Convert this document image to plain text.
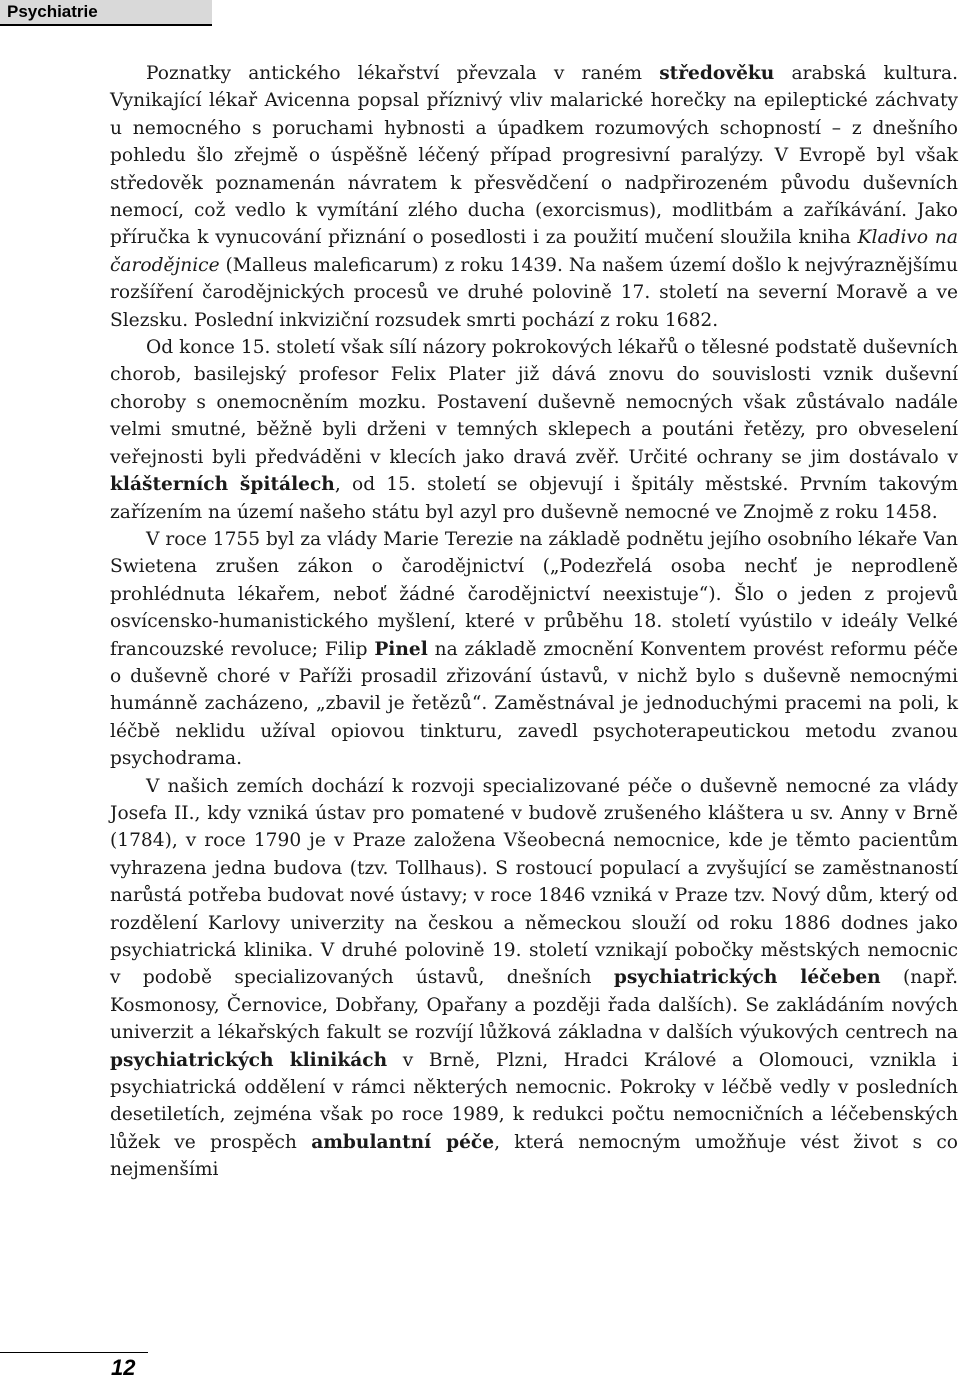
Psychiatrie

Poznatky antického lékařství převzala v raném středověku arabská kultura. Vynikající lékař Avicenna popsal příznivý vliv malarické horečky na epileptické záchvaty u nemocného s poruchami hybnosti a úpadkem rozumových schopností – z dnešního pohledu šlo zřejmě o úspěšně léčený případ progresivní paralýzy. V Evropě byl však středověk poznamenán návratem k přesvědčení o nadpřirozeném původu duševních nemocí, což vedlo k vymítání zlého ducha (exorcismus), modlitbám a zaříkávání. Jako příručka k vynucování přiznání o posedlosti i za použití mučení sloužila kniha Kladivo na čarodějnice (Malleus maleficarum) z roku 1439. Na našem území došlo k nejvýraznějšímu rozšíření čarodějnických procesů ve druhé polovině 17. století na severní Moravě a ve Slezsku. Poslední inkviziční rozsudek smrti pochází z roku 1682.

Od konce 15. století však sílí názory pokrokových lékařů o tělesné podstatě duševních chorob, basilejský profesor Felix Plater již dává znovu do souvislosti vznik duševní choroby s onemocněním mozku. Postavení duševně nemocných však zůstávalo nadále velmi smutné, běžně byli drženi v temných sklepech a poutáni řetězy, pro obveselení veřejnosti byli předváděni v klecích jako dravá zvěř. Určité ochrany se jim dostávalo v klášterních špitálech, od 15. století se objevují i špitály městské. Prvním takovým zařízením na území našeho státu byl azyl pro duševně nemocné ve Znojmě z roku 1458.

V roce 1755 byl za vlády Marie Terezie na základě podnětu jejího osobního lékaře Van Swietena zrušen zákon o čarodějnictví („Podezřelá osoba nechť je neprodleně prohlédnuta lékařem, neboť žádné čarodějnictví neexistuje“). Šlo o jeden z projevů osvícensko-humanistického myšlení, které v průběhu 18. století vyústilo v ideály Velké francouzské revoluce; Filip Pinel na základě zmocnění Konventem provést reformu péče o duševně choré v Paříži prosadil zřizování ústavů, v nichž bylo s duševně nemocnými humánně zacházeno, „zbavil je řetězů“. Zaměstnával je jednoduchými pracemi na poli, k léčbě neklidu užíval opiovou tinkturu, zavedl psychoterapeutickou metodu zvanou psychodrama.

V našich zemích dochází k rozvoji specializované péče o duševně nemocné za vlády Josefa II., kdy vzniká ústav pro pomatené v budově zrušeného kláštera u sv. Anny v Brně (1784), v roce 1790 je v Praze založena Všeobecná nemocnice, kde je těmto pacientům vyhrazena jedna budova (tzv. Tollhaus). S rostoucí populací a zvyšující se zaměstnaností narůstá potřeba budovat nové ústavy; v roce 1846 vzniká v Praze tzv. Nový dům, který od rozdělení Karlovy univerzity na českou a německou slouží od roku 1886 dodnes jako psychiatrická klinika. V druhé polovině 19. století vznikají pobočky městských nemocnic v podobě specializovaných ústavů, dnešních psychiatrických léčeben (např. Kosmonosy, Černovice, Dobřany, Opařany a později řada dalších). Se zakládáním nových univerzit a lékařských fakult se rozvíjí lůžková základna v dalších výukových centrech na psychiatrických klinikách v Brně, Plzni, Hradci Králové a Olomouci, vznikla i psychiatrická oddělení v rámci některých nemocnic. Pokroky v léčbě vedly v posledních desetiletích, zejména však po roce 1989, k redukci počtu nemocničních a léčebenských lůžek ve prospěch ambulantní péče, která nemocným umožňuje vést život s co nejmenšími

12
